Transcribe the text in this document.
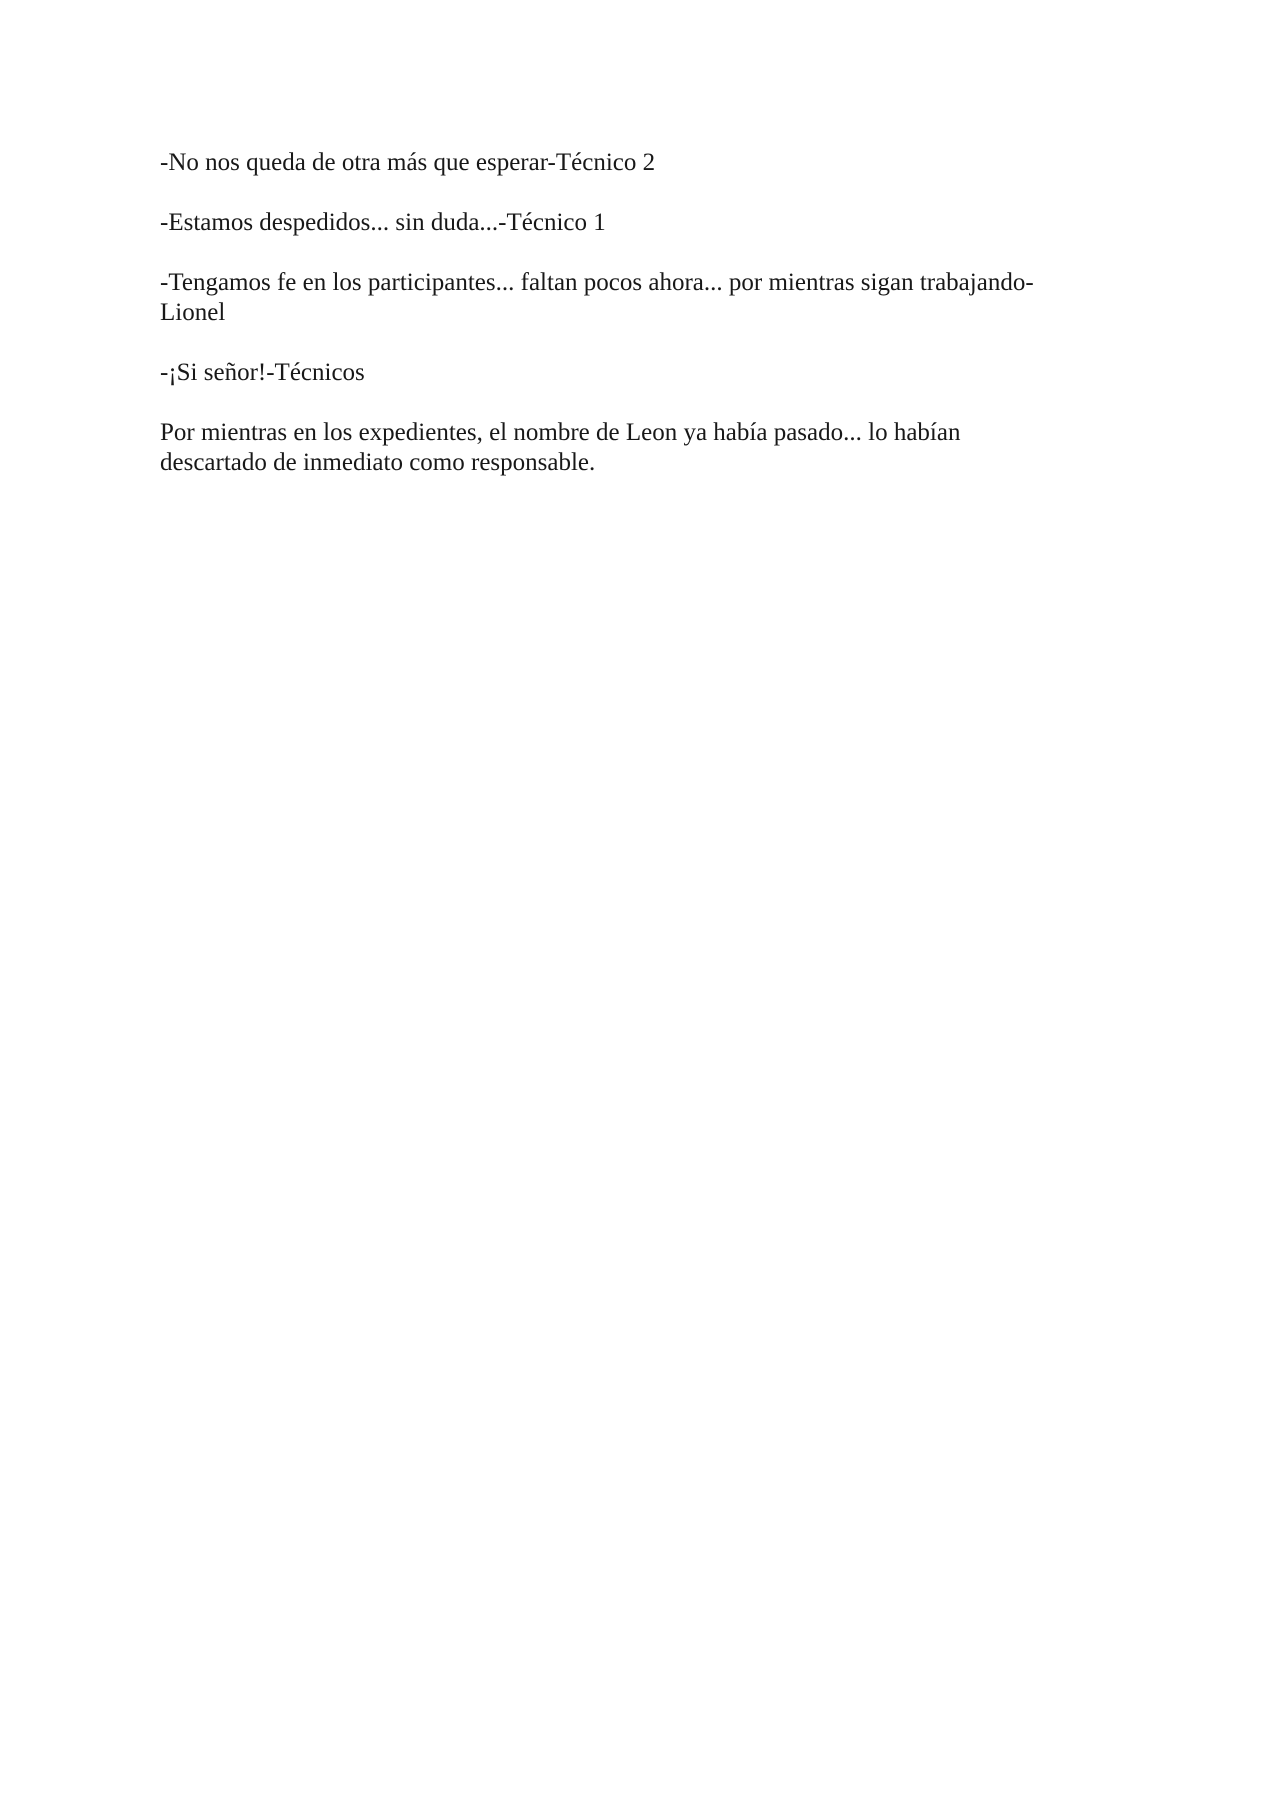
-No nos queda de otra más que esperar-Técnico 2
-Estamos despedidos... sin duda...-Técnico 1
-Tengamos fe en los participantes... faltan pocos ahora... por mientras sigan trabajando-
Lionel
-¡Si señor!-Técnicos
Por mientras en los expedientes, el nombre de Leon ya había pasado... lo habían
descartado de inmediato como responsable.
